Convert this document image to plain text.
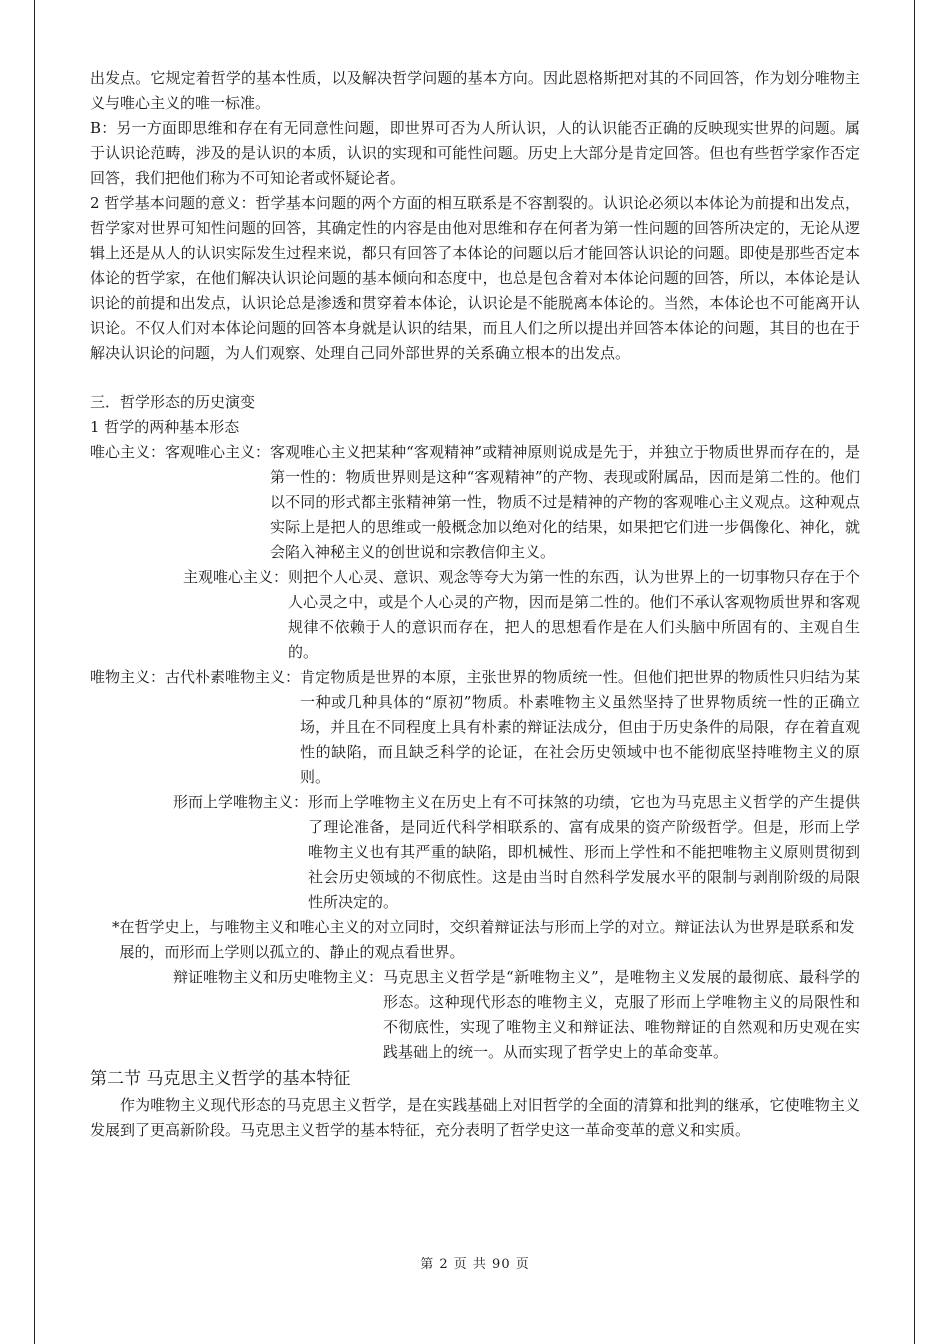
出发点。它规定着哲学的基本性质，以及解决哲学问题的基本方向。因此恩格斯把对其的不同回答，作为划分唯物主义与唯心主义的唯一标准。

B：另一方面即思维和存在有无同意性问题，即世界可否为人所认识，人的认识能否正确的反映现实世界的问题。属于认识论范畴，涉及的是认识的本质，认识的实现和可能性问题。历史上大部分是肯定回答。但也有些哲学家作否定回答，我们把他们称为不可知论者或怀疑论者。

2 哲学基本问题的意义：哲学基本问题的两个方面的相互联系是不容割裂的。认识论必须以本体论为前提和出发点，哲学家对世界可知性问题的回答，其确定性的内容是由他对思维和存在何者为第一性问题的回答所决定的，无论从逻辑上还是从人的认识实际发生过程来说，都只有回答了本体论的问题以后才能回答认识论的问题。即使是那些否定本体论的哲学家，在他们解决认识论问题的基本倾向和态度中，也总是包含着对本体论问题的回答，所以，本体论是认识论的前提和出发点，认识论总是渗透和贯穿着本体论，认识论是不能脱离本体论的。当然，本体论也不可能离开认识论。不仅人们对本体论问题的回答本身就是认识的结果，而且人们之所以提出并回答本体论的问题，其目的也在于解决认识论的问题，为人们观察、处理自己同外部世界的关系确立根本的出发点。

三．哲学形态的历史演变

1 哲学的两种基本形态

唯心主义： 客观唯心主义： 客观唯心主义把某种“客观精神”或精神原则说成是先于，并独立于物质世界而存在的，是第一性的：物质世界则是这种“客观精神”的产物、表现或附属品，因而是第二性的。他们以不同的形式都主张精神第一性，物质不过是精神的产物的客观唯心主义观点。这种观点实际上是把人的思维或一般概念加以绝对化的结果，如果把它们进一步偶像化、神化，就会陷入神秘主义的创世说和宗教信仰主义。
主观唯心主义： 则把个人心灵、意识、观念等夸大为第一性的东西，认为世界上的一切事物只存在于个人心灵之中，或是个人心灵的产物，因而是第二性的。他们不承认客观物质世界和客观规律不依赖于人的意识而存在，把人的思想看作是在人们头脑中所固有的、主观自生的。
唯物主义： 古代朴素唯物主义： 肯定物质是世界的本原，主张世界的物质统一性。但他们把世界的物质性只归结为某一种或几种具体的“原初”物质。朴素唯物主义虽然坚持了世界物质统一性的正确立场，并且在不同程度上具有朴素的辩证法成分，但由于历史条件的局限，存在着直观性的缺陷，而且缺乏科学的论证，在社会历史领域中也不能彻底坚持唯物主义的原则。
形而上学唯物主义： 形而上学唯物主义在历史上有不可抹煞的功绩，它也为马克思主义哲学的产生提供了理论准备，是同近代科学相联系的、富有成果的资产阶级哲学。但是，形而上学唯物主义也有其严重的缺陷，即机械性、形而上学性和不能把唯物主义原则贯彻到社会历史领域的不彻底性。这是由当时自然科学发展水平的限制与剥削阶级的局限性所决定的。
* 在哲学史上，与唯物主义和唯心主义的对立同时，交织着辩证法与形而上学的对立。辩证法认为世界是联系和发展的，而形而上学则以孤立的、静止的观点看世界。
辩证唯物主义和历史唯物主义： 马克思主义哲学是“新唯物主义”，是唯物主义发展的最彻底、最科学的形态。这种现代形态的唯物主义，克服了形而上学唯物主义的局限性和不彻底性，实现了唯物主义和辩证法、唯物辩证的自然观和历史观在实践基础上的统一。从而实现了哲学史上的革命变革。

第二节 马克思主义哲学的基本特征

作为唯物主义现代形态的马克思主义哲学，是在实践基础上对旧哲学的全面的清算和批判的继承，它使唯物主义发展到了更高新阶段。马克思主义哲学的基本特征，充分表明了哲学史这一革命变革的意义和实质。

第 2 页 共 90 页
